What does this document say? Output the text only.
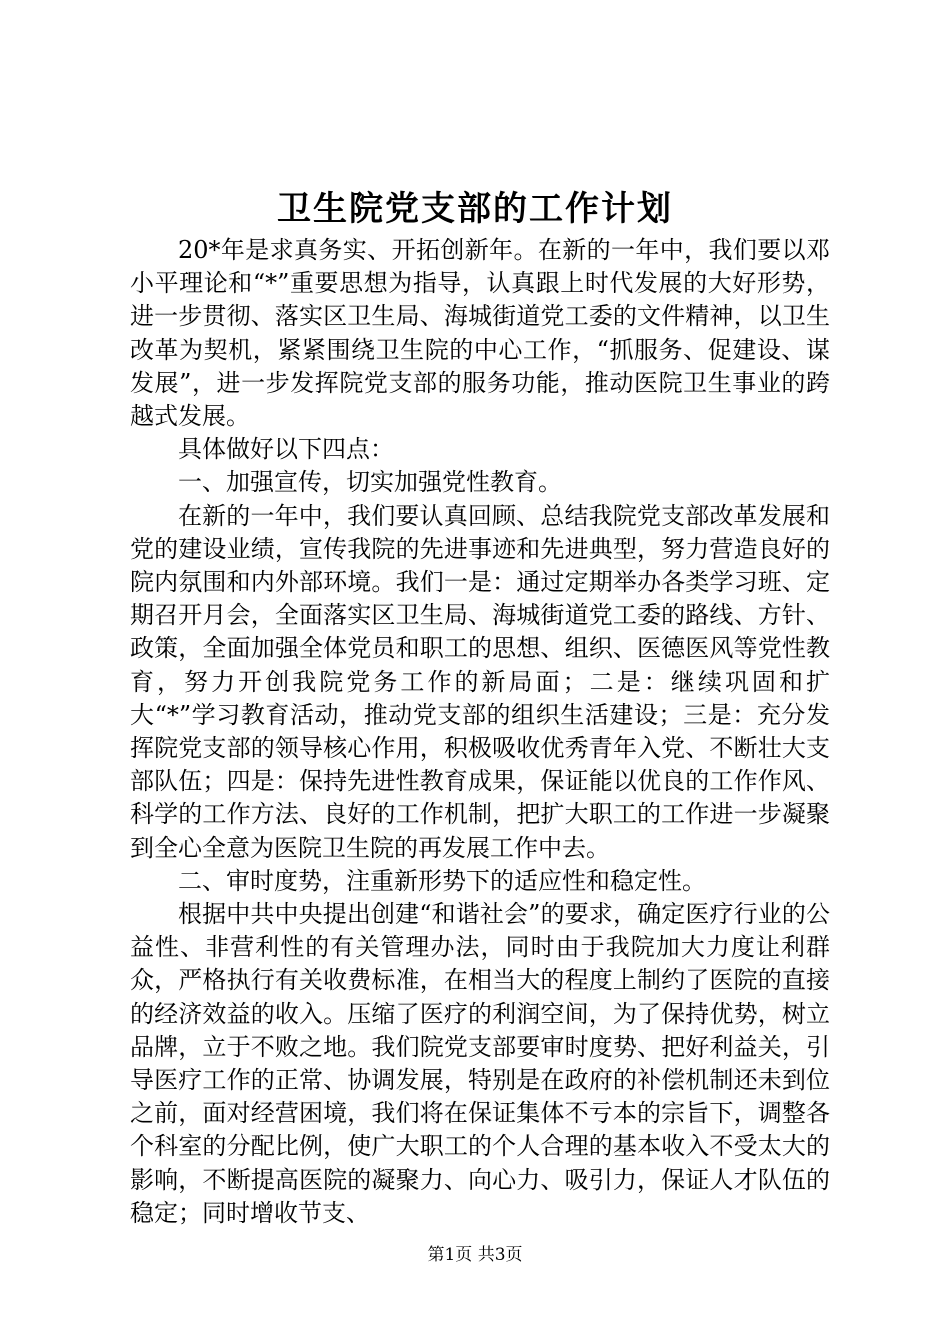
卫生院党支部的工作计划

20*年是求真务实、开拓创新年。在新的一年中，我们要以邓小平理论和“*”重要思想为指导，认真跟上时代发展的大好形势，进一步贯彻、落实区卫生局、海城街道党工委的文件精神，以卫生改革为契机，紧紧围绕卫生院的中心工作，“抓服务、促建设、谋发展”，进一步发挥院党支部的服务功能，推动医院卫生事业的跨越式发展。

具体做好以下四点：

一、加强宣传，切实加强党性教育。

在新的一年中，我们要认真回顾、总结我院党支部改革发展和党的建设业绩，宣传我院的先进事迹和先进典型，努力营造良好的院内氛围和内外部环境。我们一是：通过定期举办各类学习班、定期召开月会，全面落实区卫生局、海城街道党工委的路线、方针、政策，全面加强全体党员和职工的思想、组织、医德医风等党性教育，努力开创我院党务工作的新局面；二是：继续巩固和扩大“*”学习教育活动，推动党支部的组织生活建设；三是：充分发挥院党支部的领导核心作用，积极吸收优秀青年入党、不断壮大支部队伍；四是：保持先进性教育成果，保证能以优良的工作作风、科学的工作方法、良好的工作机制，把扩大职工的工作进一步凝聚到全心全意为医院卫生院的再发展工作中去。

二、审时度势，注重新形势下的适应性和稳定性。

根据中共中央提出创建“和谐社会”的要求，确定医疗行业的公益性、非营利性的有关管理办法，同时由于我院加大力度让利群众，严格执行有关收费标准，在相当大的程度上制约了医院的直接的经济效益的收入。压缩了医疗的利润空间，为了保持优势，树立品牌，立于不败之地。我们院党支部要审时度势、把好利益关，引导医疗工作的正常、协调发展，特别是在政府的补偿机制还未到位之前，面对经营困境，我们将在保证集体不亏本的宗旨下，调整各个科室的分配比例，使广大职工的个人合理的基本收入不受太大的影响，不断提高医院的凝聚力、向心力、吸引力，保证人才队伍的稳定；同时增收节支、

第1页 共3页
